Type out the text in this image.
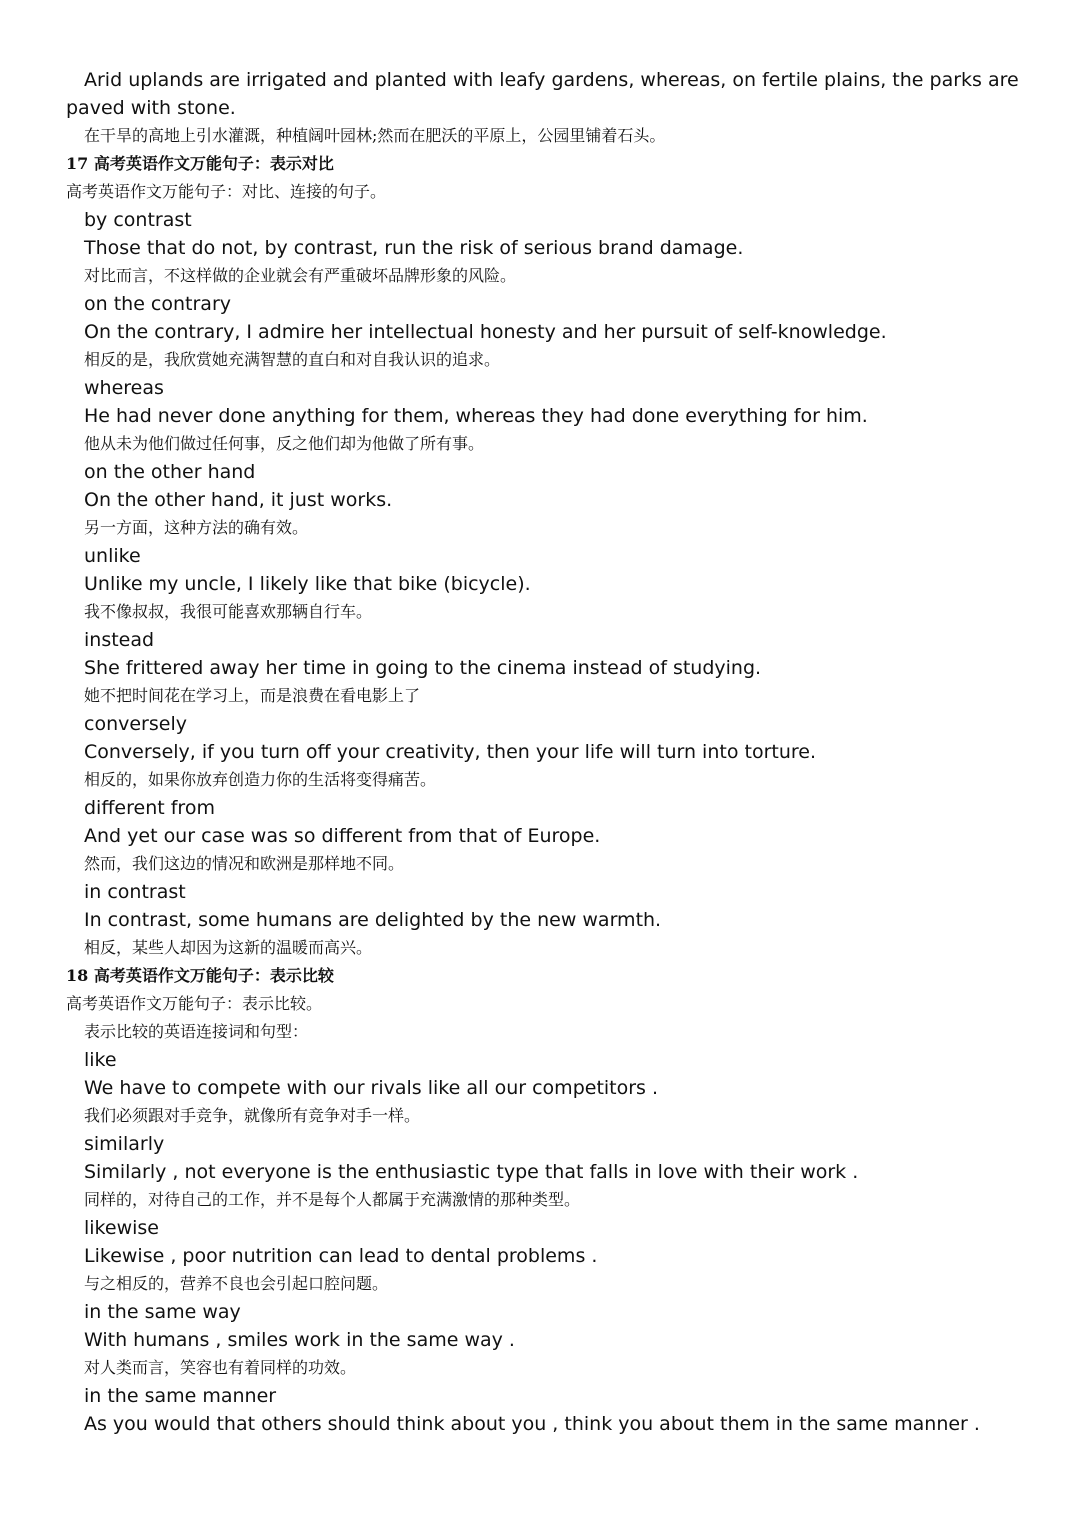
Arid uplands are irrigated and planted with leafy gardens, whereas, on fertile plains, the parks are paved with stone.
在干旱的高地上引水灌溉，种植阔叶园林;然而在肥沃的平原上，公园里铺着石头。
17 高考英语作文万能句子：表示对比
高考英语作文万能句子：对比、连接的句子。
by contrast
Those that do not, by contrast, run the risk of serious brand damage.
对比而言，不这样做的企业就会有严重破坏品牌形象的风险。
on the contrary
On the contrary, I admire her intellectual honesty and her pursuit of self-knowledge.
相反的是，我欣赏她充满智慧的直白和对自我认识的追求。
whereas
He had never done anything for them, whereas they had done everything for him.
他从未为他们做过任何事，反之他们却为他做了所有事。
on the other hand
On the other hand, it just works.
另一方面，这种方法的确有效。
unlike
Unlike my uncle, I likely like that bike (bicycle).
我不像叔叔，我很可能喜欢那辆自行车。
instead
She frittered away her time in going to the cinema instead of studying.
她不把时间花在学习上，而是浪费在看电影上了
conversely
Conversely, if you turn off your creativity, then your life will turn into torture.
相反的，如果你放弃创造力你的生活将变得痛苦。
different from
And yet our case was so different from that of Europe.
然而，我们这边的情况和欧洲是那样地不同。
in contrast
In contrast, some humans are delighted by the new warmth.
相反，某些人却因为这新的温暖而高兴。
18 高考英语作文万能句子：表示比较
高考英语作文万能句子：表示比较。
表示比较的英语连接词和句型：
like
We have to compete with our rivals like all our competitors .
我们必须跟对手竞争，就像所有竞争对手一样。
similarly
Similarly , not everyone is the enthusiastic type that falls in love with their work .
同样的，对待自己的工作，并不是每个人都属于充满激情的那种类型。
likewise
Likewise , poor nutrition can lead to dental problems .
与之相反的，营养不良也会引起口腔问题。
in the same way
With humans , smiles work in the same way .
对人类而言，笑容也有着同样的功效。
in the same manner
As you would that others should think about you , think you about them in the same manner .
